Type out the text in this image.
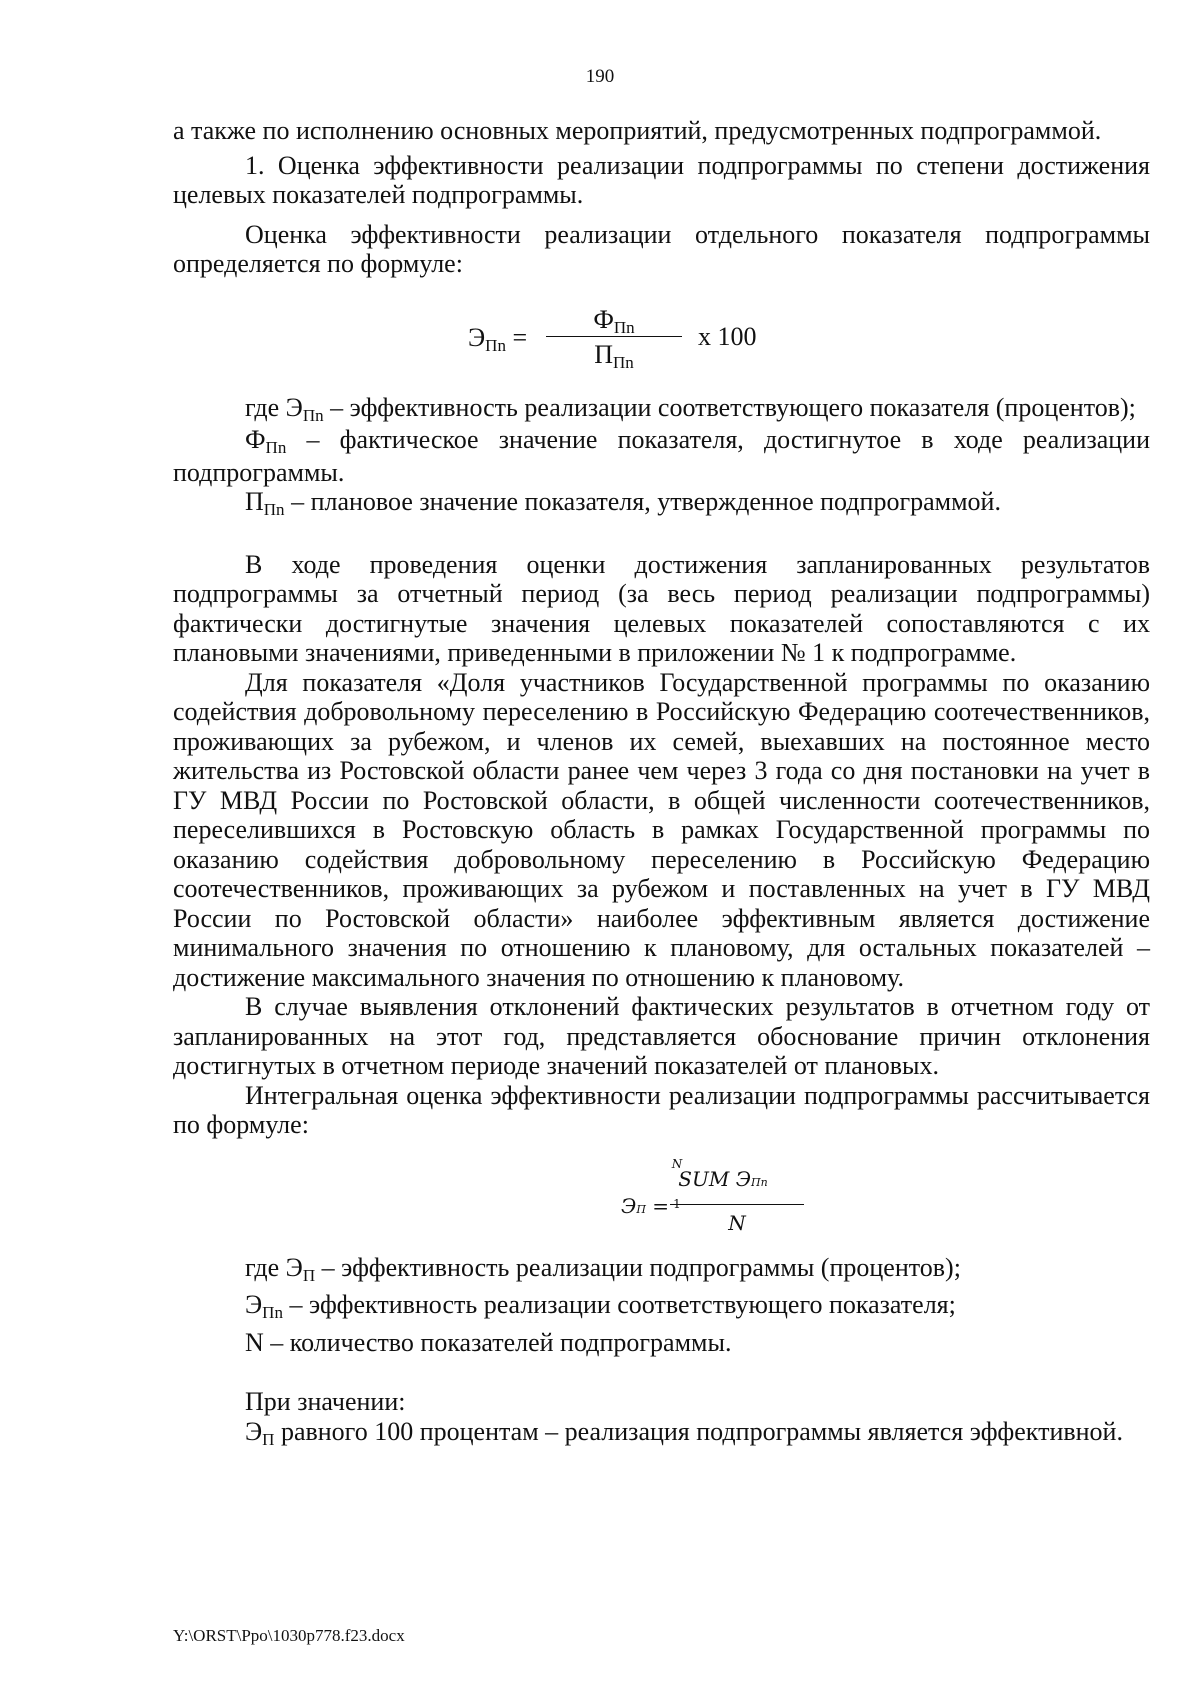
190

а также по исполнению основных мероприятий, предусмотренных подпрограммой.

1. Оценка эффективности реализации подпрограммы по степени достижения целевых показателей подпрограммы.

Оценка эффективности реализации отдельного показателя подпрограммы определяется по формуле:

ЭПn =
ФПn
ППn
x 100

где ЭПn – эффективность реализации соответствующего показателя (процентов);

ФПn – фактическое значение показателя, достигнутое в ходе реализации подпрограммы.

ППn – плановое значение показателя, утвержденное подпрограммой.

В ходе проведения оценки достижения запланированных результатов подпрограммы за отчетный период (за весь период реализации подпрограммы) фактически достигнутые значения целевых показателей сопоставляются с их плановыми значениями, приведенными в приложении № 1 к подпрограмме.

Для показателя «Доля участников Государственной программы по оказанию содействия добровольному переселению в Российскую Федерацию соотечественников, проживающих за рубежом, и членов их семей, выехавших на постоянное место жительства из Ростовской области ранее чем через 3 года со дня постановки на учет в ГУ МВД России по Ростовской области, в общей численности соотечественников, переселившихся в Ростовскую область в рамках Государственной программы по оказанию содействия добровольному переселению в Российскую Федерацию соотечественников, проживающих за рубежом и поставленных на учет в ГУ МВД России по Ростовской области» наиболее эффективным является достижение минимального значения по отношению к плановому, для остальных показателей – достижение максимального значения по отношению к плановому.

В случае выявления отклонений фактических результатов в отчетном году от запланированных на этот год, представляется обоснование причин отклонения достигнутых в отчетном периоде значений показателей от плановых.

Интегральная оценка эффективности реализации подпрограммы рассчитывается по формуле:

ЭП =
N
SUM ЭПn
1
N

где ЭП – эффективность реализации подпрограммы (процентов);

ЭПn – эффективность реализации соответствующего показателя;

N – количество показателей подпрограммы.

При значении:

ЭП равного 100 процентам – реализация подпрограммы является эффективной.

Y:\ORST\Ppo\1030p778.f23.docx
